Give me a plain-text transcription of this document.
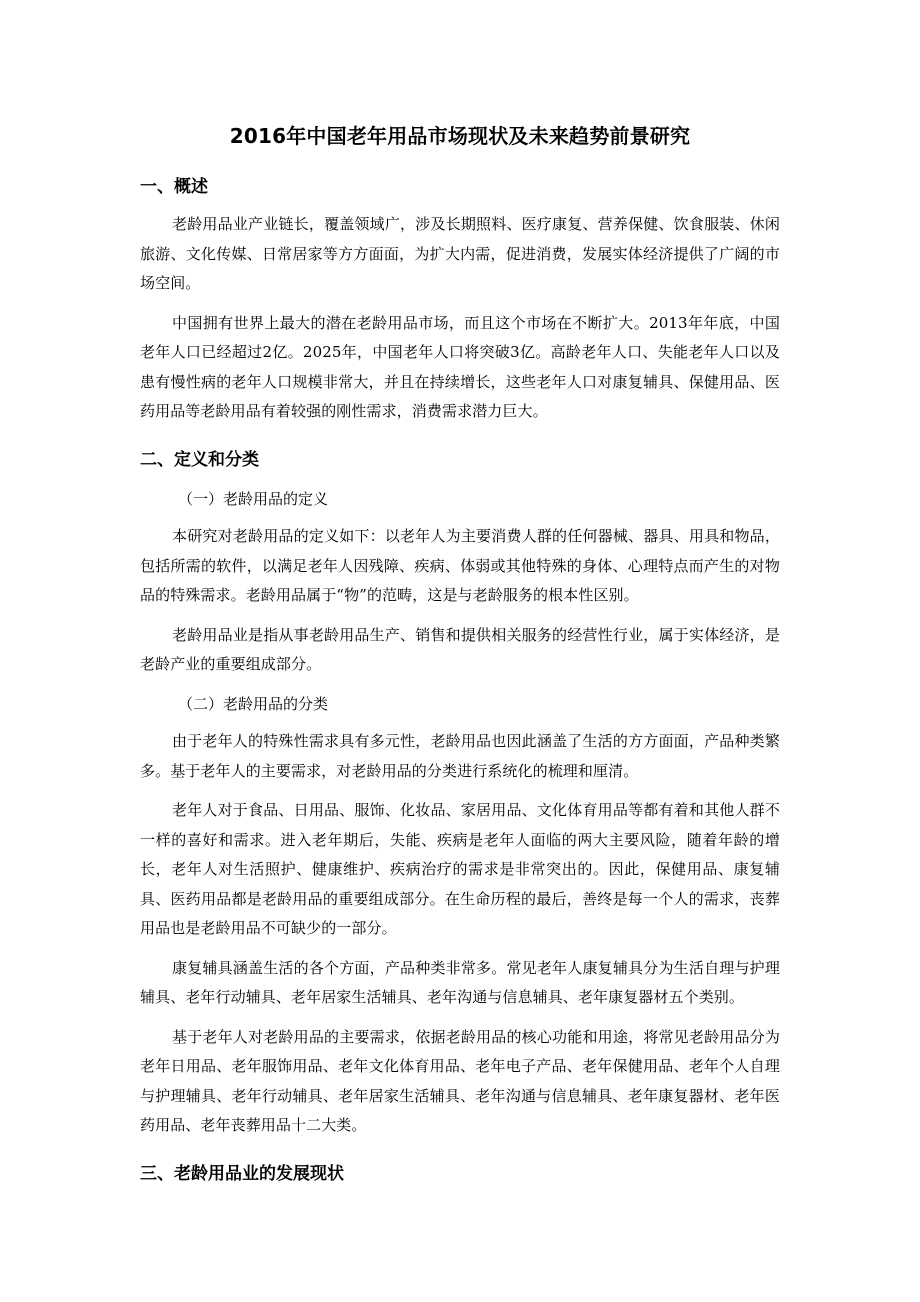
2016年中国老年用品市场现状及未来趋势前景研究
一、概述

老龄用品业产业链长，覆盖领域广，涉及长期照料、医疗康复、营养保健、饮食服装、休闲旅游、文化传媒、日常居家等方方面面，为扩大内需，促进消费，发展实体经济提供了广阔的市场空间。

中国拥有世界上最大的潜在老龄用品市场，而且这个市场在不断扩大。2013年年底，中国老年人口已经超过2亿。2025年，中国老年人口将突破3亿。高龄老年人口、失能老年人口以及患有慢性病的老年人口规模非常大，并且在持续增长，这些老年人口对康复辅具、保健用品、医药用品等老龄用品有着较强的刚性需求，消费需求潜力巨大。

二、定义和分类
（一）老龄用品的定义

本研究对老龄用品的定义如下：以老年人为主要消费人群的任何器械、器具、用具和物品，包括所需的软件，以满足老年人因残障、疾病、体弱或其他特殊的身体、心理特点而产生的对物品的特殊需求。老龄用品属于“物”的范畴，这是与老龄服务的根本性区别。

老龄用品业是指从事老龄用品生产、销售和提供相关服务的经营性行业，属于实体经济，是老龄产业的重要组成部分。

（二）老龄用品的分类

由于老年人的特殊性需求具有多元性，老龄用品也因此涵盖了生活的方方面面，产品种类繁多。基于老年人的主要需求，对老龄用品的分类进行系统化的梳理和厘清。

老年人对于食品、日用品、服饰、化妆品、家居用品、文化体育用品等都有着和其他人群不一样的喜好和需求。进入老年期后，失能、疾病是老年人面临的两大主要风险，随着年龄的增长，老年人对生活照护、健康维护、疾病治疗的需求是非常突出的。因此，保健用品、康复辅具、医药用品都是老龄用品的重要组成部分。在生命历程的最后，善终是每一个人的需求，丧葬用品也是老龄用品不可缺少的一部分。

康复辅具涵盖生活的各个方面，产品种类非常多。常见老年人康复辅具分为生活自理与护理辅具、老年行动辅具、老年居家生活辅具、老年沟通与信息辅具、老年康复器材五个类别。

基于老年人对老龄用品的主要需求，依据老龄用品的核心功能和用途，将常见老龄用品分为老年日用品、老年服饰用品、老年文化体育用品、老年电子产品、老年保健用品、老年个人自理与护理辅具、老年行动辅具、老年居家生活辅具、老年沟通与信息辅具、老年康复器材、老年医药用品、老年丧葬用品十二大类。

三、老龄用品业的发展现状
